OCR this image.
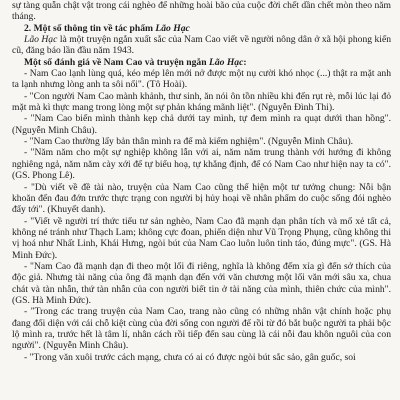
sự tàng quẫn chật vật trong cái nghèo để những hoài bão của cuộc đời chết dần chết mòn theo năm tháng.

2. Một số thông tin về tác phẩm Lão Hạc

Lão Hạc là một truyện ngắn xuất sắc của Nam Cao viết về người nông dân ở xã hội phong kiến cũ, đăng báo lần đầu năm 1943.

Một số đánh giá về Nam Cao và truyện ngắn Lão Hạc:

- Nam Cao lạnh lùng quá, kéo mép lên mới nở được một nụ cười khó nhọc (...) thật ra mặt anh ta lạnh nhưng lòng anh ta sôi nổi". (Tô Hoài).

- "Con người Nam Cao mành khảnh, thư sinh, ăn nói ôn tồn nhiều khi đến rụt rè, mỗi lúc lại đỏ mặt mà kì thực mang trong lòng một sự phản kháng mãnh liệt". (Nguyễn Đình Thi).

- "Nam Cao biến mình thành kẹp chả dưới tay mình, tự đem mình ra quạt dưới than hồng". (Nguyễn Minh Châu).

- "Nam Cao thường lấy bản thân mình ra để mà kiểm nghiệm". (Nguyễn Minh Châu).

- "Năm năm cho một sự nghiệp không lẫn với ai, năm năm trung thành với hướng đi không nghiêng ngả, năm năm cày xới để tự biểu hoạ, tự khẳng định, để có Nam Cao như hiện nay ta có". (GS. Phong Lê).

- "Dù viết về đề tài nào, truyện của Nam Cao cũng thể hiện một tư tưởng chung: Nỗi bận khoăn đến đau đớn trước thực trạng con người bị hủy hoại về nhân phẩm do cuộc sống đói nghèo đẩy tới". (Khuyết danh).

- "Viết về người trí thức tiểu tư sản nghèo, Nam Cao đã mạnh dạn phân tích và mổ xẻ tất cả, không né tránh như Thạch Lam; không cực đoan, phiến diện như Vũ Trọng Phụng, cũng không thi vị hoá như Nhất Linh, Khái Hưng, ngòi bút của Nam Cao luôn luôn tinh táo, đúng mực". (GS. Hà Minh Đức).

- "Nam Cao đã mạnh dạn đi theo một lối đi riêng, nghĩa là không đếm xỉa gì đến sở thích của độc giả. Nhưng tài năng của ông đã mạnh dạn đến với văn chương một lối văn mới sâu xa, chua chát và tàn nhẫn, thứ tàn nhẫn của con người biết tin ở tài năng của mình, thiên chức của mình". (GS. Hà Minh Đức).

- "Trong các trang truyện của Nam Cao, trang nào cũng có những nhân vật chính hoặc phụ đang đối diện với cái chỗ kiệt cùng của đời sống con người để rồi từ đó bắt buộc người ta phải bộc lộ mình ra, trước hết là tâm lí, nhân cách rồi tiếp đến sau cùng là cái nỗi đau khôn nguôi của con người". (Nguyễn Minh Châu).

- "Trong văn xuôi trước cách mạng, chưa có ai có được ngòi bút sắc sảo, gân guốc, soi
